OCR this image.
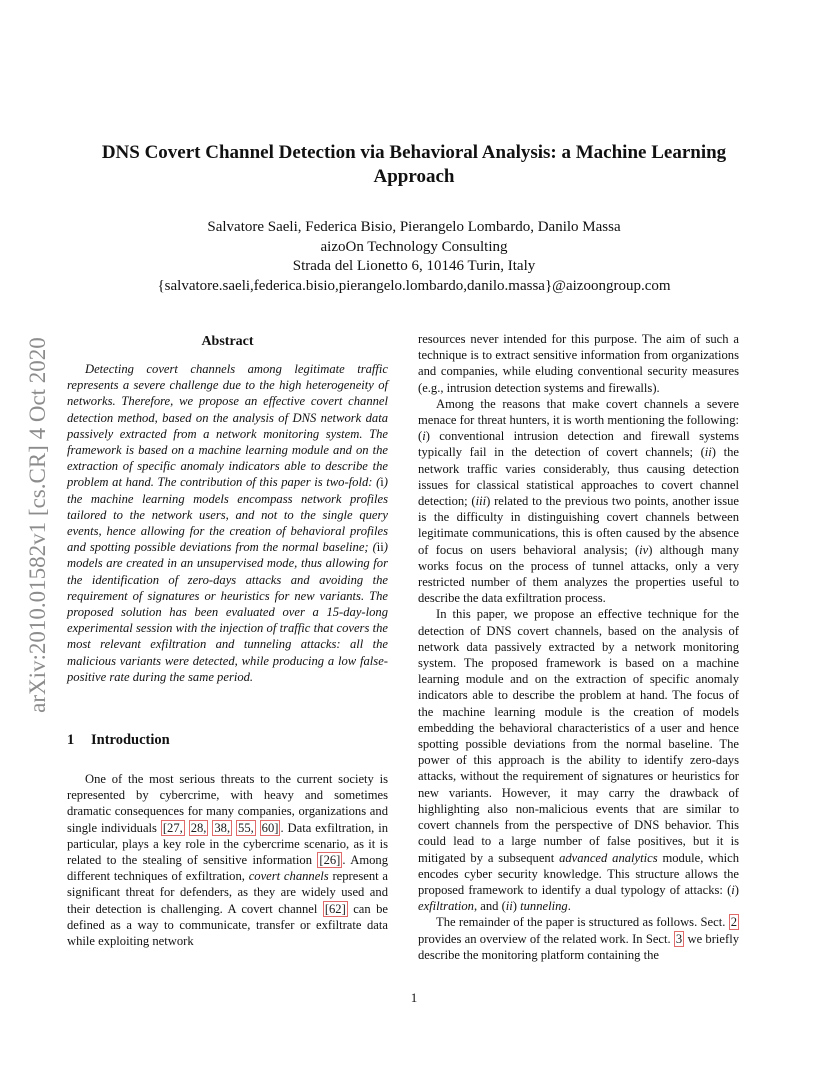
arXiv:2010.01582v1 [cs.CR] 4 Oct 2020
DNS Covert Channel Detection via Behavioral Analysis: a Machine Learning
Approach
Salvatore Saeli, Federica Bisio, Pierangelo Lombardo, Danilo Massa
aizoOn Technology Consulting
Strada del Lionetto 6, 10146 Turin, Italy
{salvatore.saeli,federica.bisio,pierangelo.lombardo,danilo.massa}@aizoongroup.com
Abstract

Detecting covert channels among legitimate traffic represents a severe challenge due to the high heterogeneity of networks. Therefore, we propose an effective covert channel detection method, based on the analysis of DNS network data passively extracted from a network monitoring system. The framework is based on a machine learning module and on the extraction of specific anomaly indicators able to describe the problem at hand. The contribution of this paper is two-fold: (i) the machine learning models encompass network profiles tailored to the network users, and not to the single query events, hence allowing for the creation of behavioral profiles and spotting possible deviations from the normal baseline; (ii) models are created in an unsupervised mode, thus allowing for the identification of zero-days attacks and avoiding the requirement of signatures or heuristics for new variants. The proposed solution has been evaluated over a 15-day-long experimental session with the injection of traffic that covers the most relevant exfiltration and tunneling attacks: all the malicious variants were detected, while producing a low false-positive rate during the same period.

1 Introduction

One of the most serious threats to the current society is represented by cybercrime, with heavy and sometimes dramatic consequences for many companies, organizations and single individuals [27, 28, 38, 55, 60] . Data exfiltration, in particular, plays a key role in the cybercrime scenario, as it is related to the stealing of sensitive information [26] . Among different techniques of exfiltration, covert channels represent a significant threat for defenders, as they are widely used and their detection is challenging. A covert channel [62] can be defined as a way to communicate, transfer or exfiltrate data while exploiting network

resources never intended for this purpose. The aim of such a technique is to extract sensitive information from organizations and companies, while eluding conventional security measures (e.g., intrusion detection systems and firewalls).

Among the reasons that make covert channels a severe menace for threat hunters, it is worth mentioning the following: (i) conventional intrusion detection and firewall systems typically fail in the detection of covert channels; (ii) the network traffic varies considerably, thus causing detection issues for classical statistical approaches to covert channel detection; (iii) related to the previous two points, another issue is the difficulty in distinguishing covert channels between legitimate communications, this is often caused by the absence of focus on users behavioral analysis; (iv) although many works focus on the process of tunnel attacks, only a very restricted number of them analyzes the properties useful to describe the data exfiltration process.

In this paper, we propose an effective technique for the detection of DNS covert channels, based on the analysis of network data passively extracted by a network monitoring system. The proposed framework is based on a machine learning module and on the extraction of specific anomaly indicators able to describe the problem at hand. The focus of the machine learning module is the creation of models embedding the behavioral characteristics of a user and hence spotting possible deviations from the normal baseline. The power of this approach is the ability to identify zero-days attacks, without the requirement of signatures or heuristics for new variants. However, it may carry the drawback of highlighting also non-malicious events that are similar to covert channels from the perspective of DNS behavior. This could lead to a large number of false positives, but it is mitigated by a subsequent advanced analytics module, which encodes cyber security knowledge. This structure allows the proposed framework to identify a dual typology of attacks: (i) exfiltration, and (ii) tunneling.

The remainder of the paper is structured as follows. Sect. 2 provides an overview of the related work. In Sect. 3 we briefly describe the monitoring platform containing the

1
